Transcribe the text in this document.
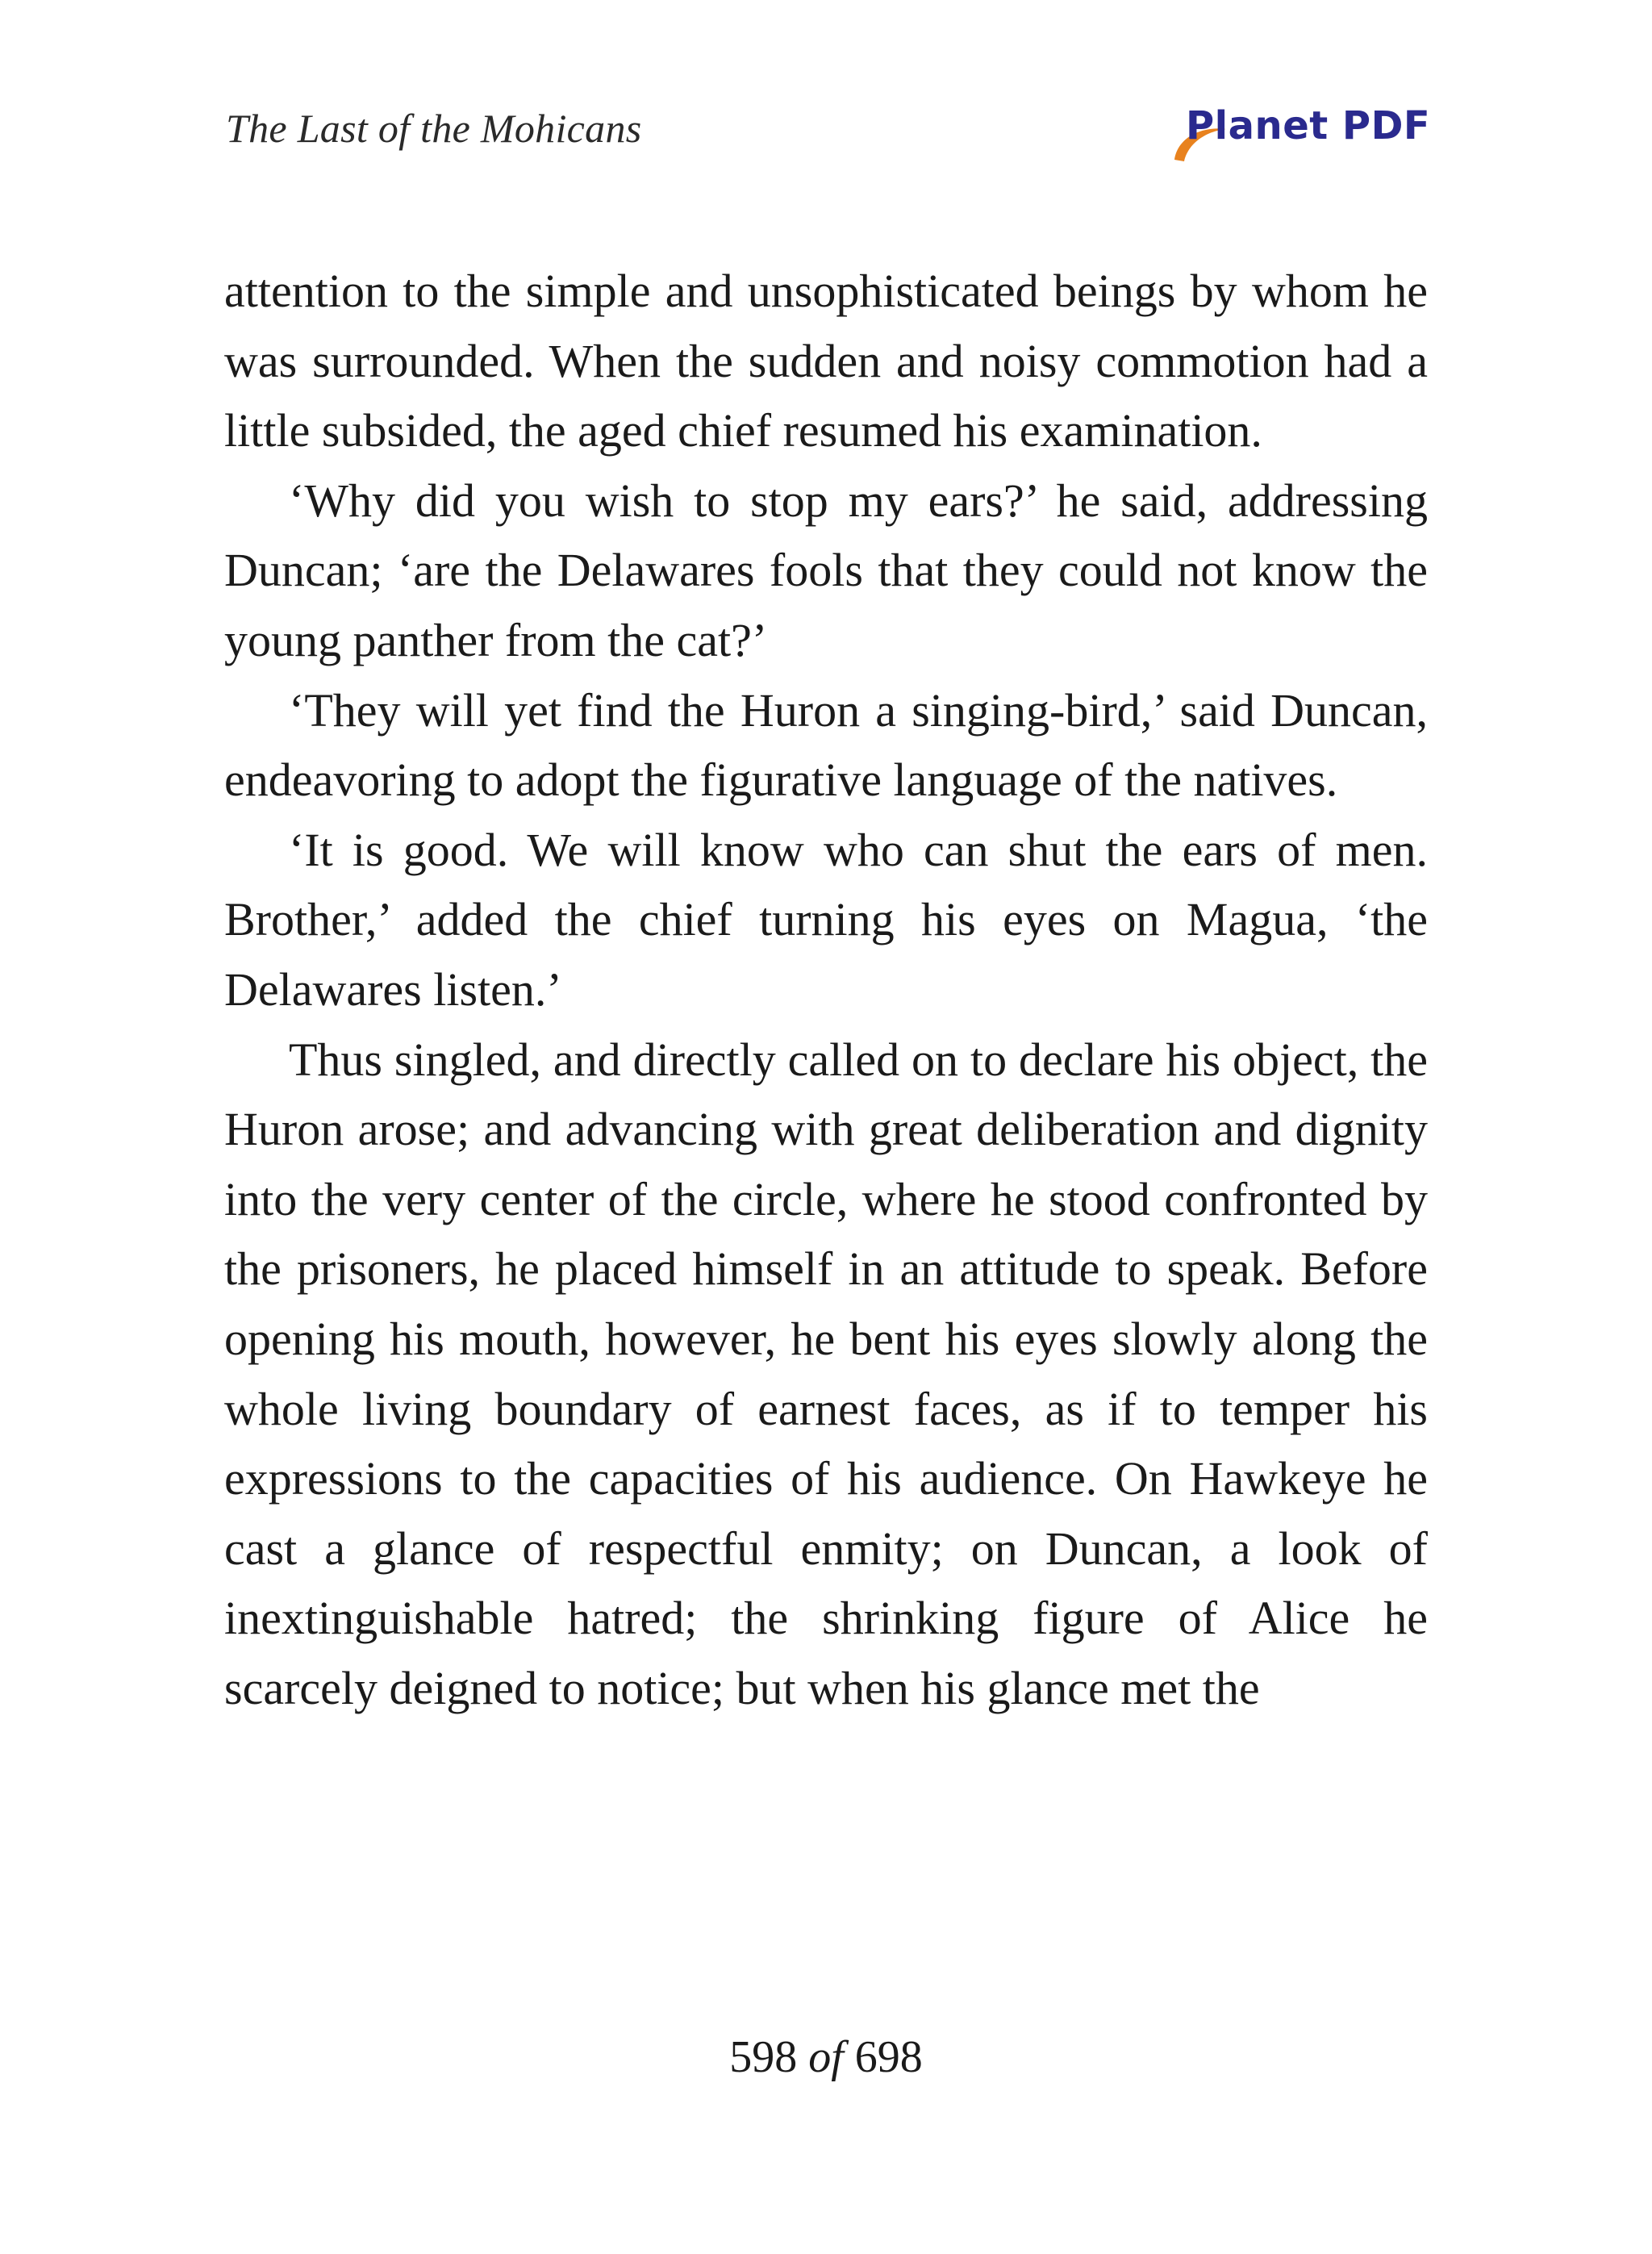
The Last of the Mohicans	Planet PDF

attention to the simple and unsophisticated beings by whom he was surrounded. When the sudden and noisy commotion had a little subsided, the aged chief resumed his examination.

‘Why did you wish to stop my ears?’ he said, addressing Duncan; ‘are the Delawares fools that they could not know the young panther from the cat?’

‘They will yet find the Huron a singing-bird,’ said Duncan, endeavoring to adopt the figurative language of the natives.

‘It is good. We will know who can shut the ears of men. Brother,’ added the chief turning his eyes on Magua, ‘the Delawares listen.’

Thus singled, and directly called on to declare his object, the Huron arose; and advancing with great deliberation and dignity into the very center of the circle, where he stood confronted by the prisoners, he placed himself in an attitude to speak. Before opening his mouth, however, he bent his eyes slowly along the whole living boundary of earnest faces, as if to temper his expressions to the capacities of his audience. On Hawkeye he cast a glance of respectful enmity; on Duncan, a look of inextinguishable hatred; the shrinking figure of Alice he scarcely deigned to notice; but when his glance met the

598 of 698
